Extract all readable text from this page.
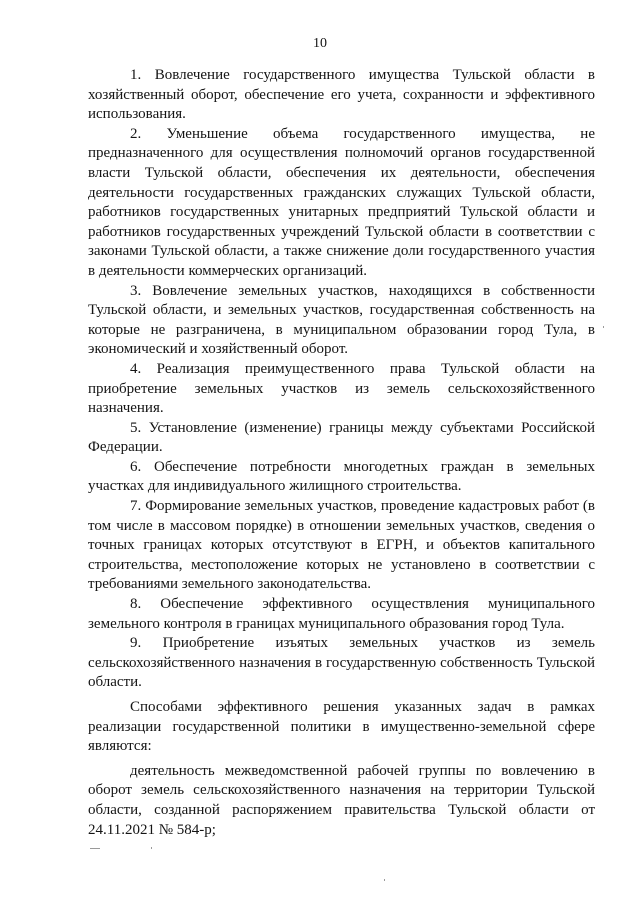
10

1. Вовлечение государственного имущества Тульской области в хозяйственный оборот, обеспечение его учета, сохранности и эффективного использования.

2. Уменьшение объема государственного имущества, не предназначенного для осуществления полномочий органов государственной власти Тульской области, обеспечения их деятельности, обеспечения деятельности государственных гражданских служащих Тульской области, работников государственных унитарных предприятий Тульской области и работников государственных учреждений Тульской области в соответствии с законами Тульской области, а также снижение доли государственного участия в деятельности коммерческих организаций.

3. Вовлечение земельных участков, находящихся в собственности Тульской области, и земельных участков, государственная собственность на которые не разграничена, в муниципальном образовании город Тула, в экономический и хозяйственный оборот.

4. Реализация преимущественного права Тульской области на приобретение земельных участков из земель сельскохозяйственного назначения.

5. Установление (изменение) границы между субъектами Российской Федерации.

6. Обеспечение потребности многодетных граждан в земельных участках для индивидуального жилищного строительства.

7. Формирование земельных участков, проведение кадастровых работ (в том числе в массовом порядке) в отношении земельных участков, сведения о точных границах которых отсутствуют в ЕГРН, и объектов капитального строительства, местоположение которых не установлено в соответствии с требованиями земельного законодательства.

8. Обеспечение эффективного осуществления муниципального земельного контроля в границах муниципального образования город Тула.

9. Приобретение изъятых земельных участков из земель сельскохозяйственного назначения в государственную собственность Тульской области.

Способами эффективного решения указанных задач в рамках реализации государственной политики в имущественно-земельной сфере являются:

деятельность межведомственной рабочей группы по вовлечению в оборот земель сельскохозяйственного назначения на территории Тульской области, созданной распоряжением правительства Тульской области от 24.11.2021 № 584-р;
